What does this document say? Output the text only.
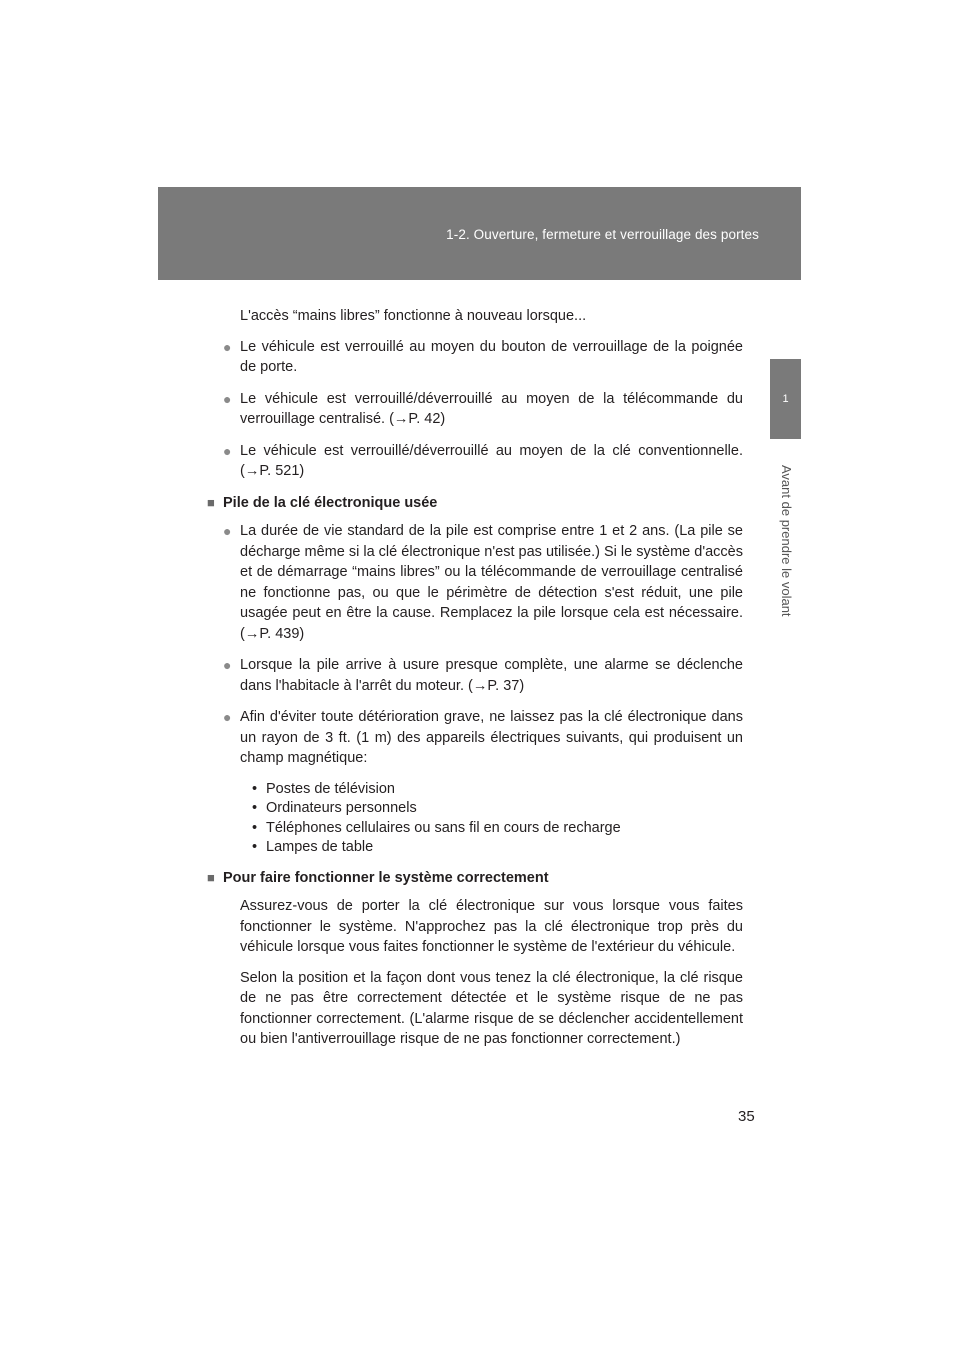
1-2. Ouverture, fermeture et verrouillage des portes
1
Avant de prendre le volant

L'accès “mains libres” fonctionne à nouveau lorsque...

● Le véhicule est verrouillé au moyen du bouton de verrouillage de la poignée de porte.
● Le véhicule est verrouillé/déverrouillé au moyen de la télécommande du verrouillage centralisé. (→P. 42)
● Le véhicule est verrouillé/déverrouillé au moyen de la clé conventionnelle. (→P. 521)
■ Pile de la clé électronique usée
● La durée de vie standard de la pile est comprise entre 1 et 2 ans. (La pile se décharge même si la clé électronique n'est pas utilisée.) Si le système d'accès et de démarrage “mains libres” ou la télécommande de verrouillage centralisé ne fonctionne pas, ou que le périmètre de détection s'est réduit, une pile usagée peut en être la cause. Remplacez la pile lorsque cela est nécessaire. (→P. 439)
● Lorsque la pile arrive à usure presque complète, une alarme se déclenche dans l'habitacle à l'arrêt du moteur. (→P. 37)
● Afin d'éviter toute détérioration grave, ne laissez pas la clé électronique dans un rayon de 3 ft. (1 m) des appareils électriques suivants, qui produisent un champ magnétique:
• Postes de télévision
• Ordinateurs personnels
• Téléphones cellulaires ou sans fil en cours de recharge
• Lampes de table
■ Pour faire fonctionner le système correctement

Assurez-vous de porter la clé électronique sur vous lorsque vous faites fonctionner le système. N'approchez pas la clé électronique trop près du véhicule lorsque vous faites fonctionner le système de l'extérieur du véhicule.

Selon la position et la façon dont vous tenez la clé électronique, la clé risque de ne pas être correctement détectée et le système risque de ne pas fonctionner correctement. (L'alarme risque de se déclencher accidentellement ou bien l'antiverrouillage risque de ne pas fonctionner correctement.)

35
